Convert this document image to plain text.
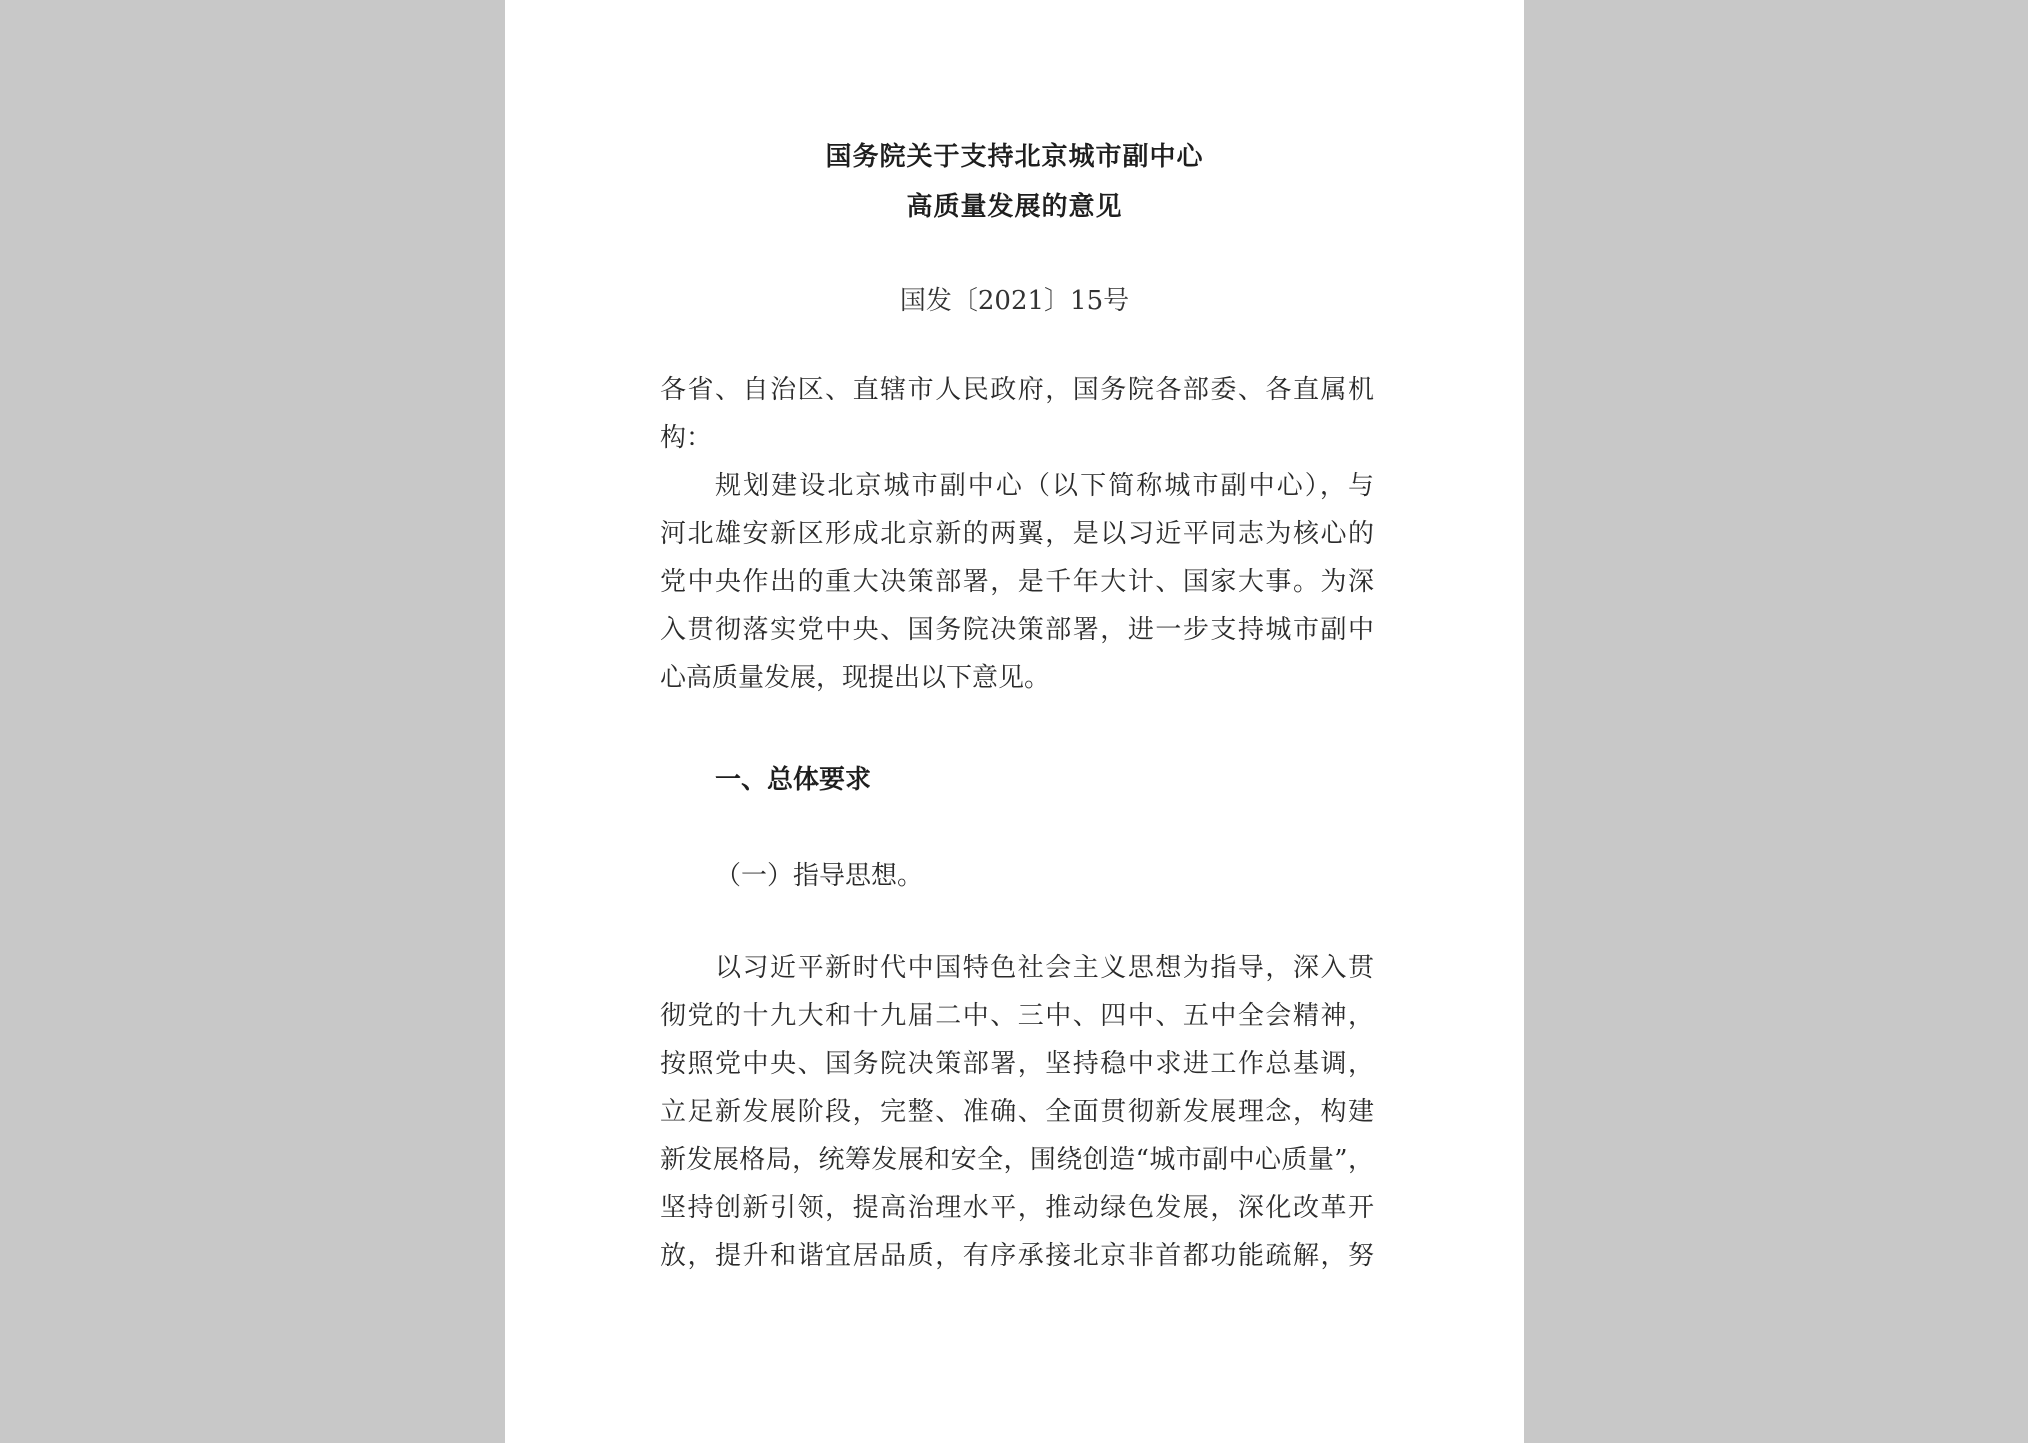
国务院关于支持北京城市副中心
高质量发展的意见
国发〔2021〕15号
各省、自治区、直辖市人民政府，国务院各部委、各直属机
构：
规划建设北京城市副中心（以下简称城市副中心），与
河北雄安新区形成北京新的两翼，是以习近平同志为核心的
党中央作出的重大决策部署，是千年大计、国家大事。为深
入贯彻落实党中央、国务院决策部署，进一步支持城市副中
心高质量发展，现提出以下意见。
一、总体要求
（一）指导思想。
以习近平新时代中国特色社会主义思想为指导，深入贯
彻党的十九大和十九届二中、三中、四中、五中全会精神，
按照党中央、国务院决策部署，坚持稳中求进工作总基调，
立足新发展阶段，完整、准确、全面贯彻新发展理念，构建
新发展格局，统筹发展和安全，围绕创造“城市副中心质量”，
坚持创新引领，提高治理水平，推动绿色发展，深化改革开
放，提升和谐宜居品质，有序承接北京非首都功能疏解，努
